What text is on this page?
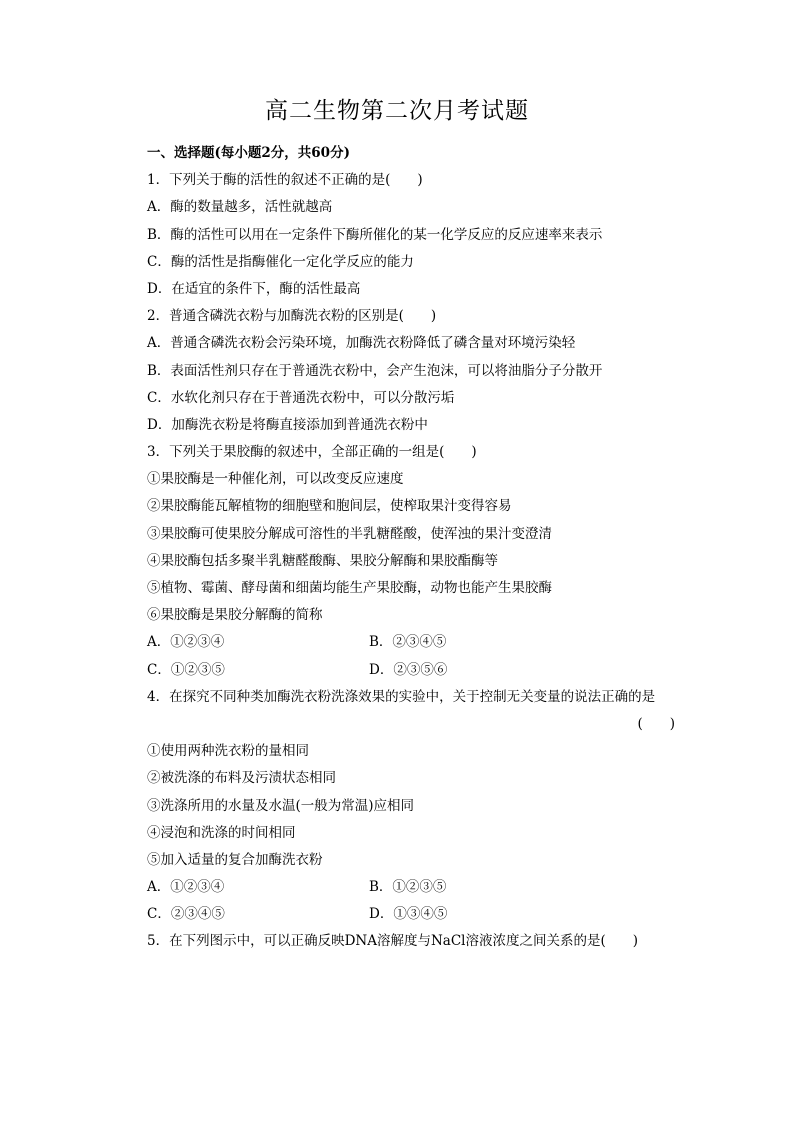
高二生物第二次月考试题
一、选择题(每小题2分，共60分)
1．下列关于酶的活性的叙述不正确的是(　　)
A．酶的数量越多，活性就越高
B．酶的活性可以用在一定条件下酶所催化的某一化学反应的反应速率来表示
C．酶的活性是指酶催化一定化学反应的能力
D．在适宜的条件下，酶的活性最高
2．普通含磷洗衣粉与加酶洗衣粉的区别是(　　)
A．普通含磷洗衣粉会污染环境，加酶洗衣粉降低了磷含量对环境污染轻
B．表面活性剂只存在于普通洗衣粉中，会产生泡沫，可以将油脂分子分散开
C．水软化剂只存在于普通洗衣粉中，可以分散污垢
D．加酶洗衣粉是将酶直接添加到普通洗衣粉中
3．下列关于果胶酶的叙述中，全部正确的一组是(　　)
①果胶酶是一种催化剂，可以改变反应速度
②果胶酶能瓦解植物的细胞壁和胞间层，使榨取果汁变得容易
③果胶酶可使果胶分解成可溶性的半乳糖醛酸，使浑浊的果汁变澄清
④果胶酶包括多聚半乳糖醛酸酶、果胶分解酶和果胶酯酶等
⑤植物、霉菌、酵母菌和细菌均能生产果胶酶，动物也能产生果胶酶
⑥果胶酶是果胶分解酶的简称
A．①②③④	B．②③④⑤
C．①②③⑤	D．②③⑤⑥
4．在探究不同种类加酶洗衣粉洗涤效果的实验中，关于控制无关变量的说法正确的是
(　　)
①使用两种洗衣粉的量相同
②被洗涤的布料及污渍状态相同
③洗涤所用的水量及水温(一般为常温)应相同
④浸泡和洗涤的时间相同
⑤加入适量的复合加酶洗衣粉
A．①②③④	B．①②③⑤
C．②③④⑤	D．①③④⑤
5．在下列图示中，可以正确反映DNA溶解度与NaCl溶液浓度之间关系的是(　　)
